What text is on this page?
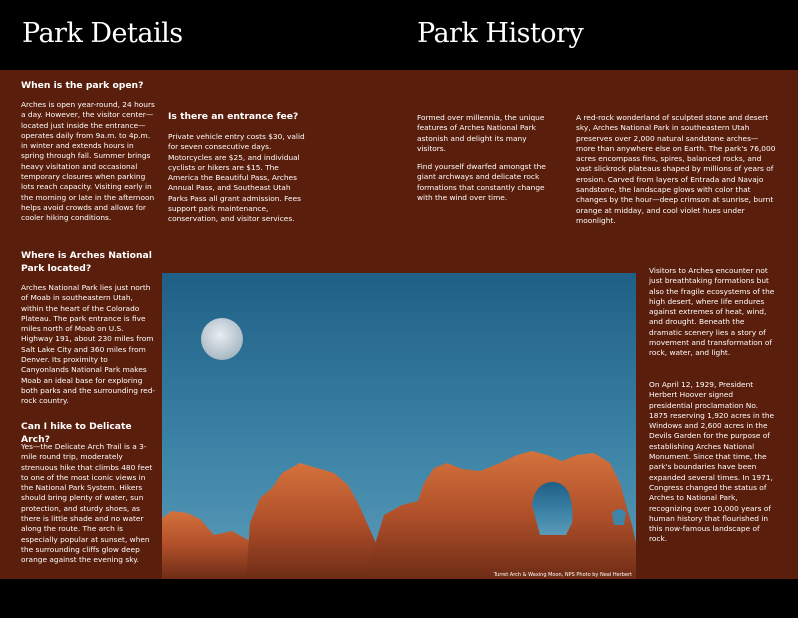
Park Details	Park History

When is the park open?

Arches is open year-round, 24 hours a day. However, the visitor center—located just inside the entrance—operates daily from 9a.m. to 4p.m. in winter and extends hours in spring through fall. Summer brings heavy visitation and occasional temporary closures when parking lots reach capacity. Visiting early in the morning or late in the afternoon helps avoid crowds and allows for cooler hiking conditions.

Where is Arches National Park located?

Arches National Park lies just north of Moab in southeastern Utah, within the heart of the Colorado Plateau. The park entrance is five miles north of Moab on U.S. Highway 191, about 230 miles from Salt Lake City and 360 miles from Denver. Its proximity to Canyonlands National Park makes Moab an ideal base for exploring both parks and the surrounding red-rock country.

Can I hike to Delicate Arch?

Yes—the Delicate Arch Trail is a 3-mile round trip, moderately strenuous hike that climbs 480 feet to one of the most iconic views in the National Park System. Hikers should bring plenty of water, sun protection, and sturdy shoes, as there is little shade and no water along the route. The arch is especially popular at sunset, when the surrounding cliffs glow deep orange against the evening sky.

Is there an entrance fee?

Private vehicle entry costs $30, valid for seven consecutive days. Motorcycles are $25, and individual cyclists or hikers are $15. The America the Beautiful Pass, Arches Annual Pass, and Southeast Utah Parks Pass all grant admission. Fees support park maintenance, conservation, and visitor services.

Formed over millennia, the unique features of Arches National Park astonish and delight its many visitors.

Find yourself dwarfed amongst the giant archways and delicate rock formations that constantly change with the wind over time.

A red-rock wonderland of sculpted stone and desert sky, Arches National Park in southeastern Utah preserves over 2,000 natural sandstone arches—more than anywhere else on Earth. The park's 76,000 acres encompass fins, spires, balanced rocks, and vast slickrock plateaus shaped by millions of years of erosion. Carved from layers of Entrada and Navajo sandstone, the landscape glows with color that changes by the hour—deep crimson at sunrise, burnt orange at midday, and cool violet hues under moonlight.

Visitors to Arches encounter not just breathtaking formations but also the fragile ecosystems of the high desert, where life endures against extremes of heat, wind, and drought. Beneath the dramatic scenery lies a story of movement and transformation of rock, water, and light.

On April 12, 1929, President Herbert Hoover signed presidential proclamation No. 1875 reserving 1,920 acres in the Windows and 2,600 acres in the Devils Garden for the purpose of establishing Arches National Monument. Since that time, the park's boundaries have been expanded several times. In 1971, Congress changed the status of Arches to National Park, recognizing over 10,000 years of human history that flourished in this now-famous landscape of rock.

Turret Arch & Waxing Moon, NPS Photo by Neal Herbert
